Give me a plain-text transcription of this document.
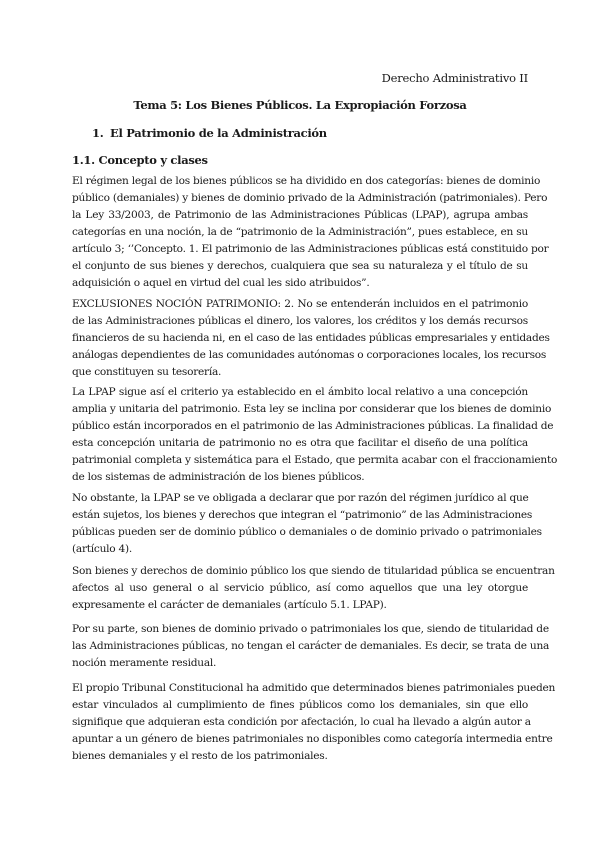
Derecho Administrativo II
Tema 5: Los Bienes Públicos. La Expropiación Forzosa
1. El Patrimonio de la Administración
1.1. Concepto y clases
El régimen legal de los bienes públicos se ha dividido en dos categorías: bienes de dominio
público (demaniales) y bienes de dominio privado de la Administración (patrimoniales). Pero
la Ley 33/2003, de Patrimonio de las Administraciones Públicas (LPAP), agrupa ambas
categorías en una noción, la de “patrimonio de la Administración”, pues establece, en su
artículo 3; ‘’Concepto. 1. El patrimonio de las Administraciones públicas está constituido por
el conjunto de sus bienes y derechos, cualquiera que sea su naturaleza y el título de su
adquisición o aquel en virtud del cual les sido atribuidos”.
EXCLUSIONES NOCIÓN PATRIMONIO: 2. No se entenderán incluidos en el patrimonio
de las Administraciones públicas el dinero, los valores, los créditos y los demás recursos
financieros de su hacienda ni, en el caso de las entidades públicas empresariales y entidades
análogas dependientes de las comunidades autónomas o corporaciones locales, los recursos
que constituyen su tesorería.
La LPAP sigue así el criterio ya establecido en el ámbito local relativo a una concepción
amplia y unitaria del patrimonio. Esta ley se inclina por considerar que los bienes de dominio
público están incorporados en el patrimonio de las Administraciones públicas. La finalidad de
esta concepción unitaria de patrimonio no es otra que facilitar el diseño de una política
patrimonial completa y sistemática para el Estado, que permita acabar con el fraccionamiento
de los sistemas de administración de los bienes públicos.
No obstante, la LPAP se ve obligada a declarar que por razón del régimen jurídico al que
están sujetos, los bienes y derechos que integran el “patrimonio” de las Administraciones
públicas pueden ser de dominio público o demaniales o de dominio privado o patrimoniales
(artículo 4).
Son bienes y derechos de dominio público los que siendo de titularidad pública se encuentran
afectos al uso general o al servicio público, así como aquellos que una ley otorgue
expresamente el carácter de demaniales (artículo 5.1. LPAP).
Por su parte, son bienes de dominio privado o patrimoniales los que, siendo de titularidad de
las Administraciones públicas, no tengan el carácter de demaniales. Es decir, se trata de una
noción meramente residual.
El propio Tribunal Constitucional ha admitido que determinados bienes patrimoniales pueden
estar vinculados al cumplimiento de fines públicos como los demaniales, sin que ello
signifique que adquieran esta condición por afectación, lo cual ha llevado a algún autor a
apuntar a un género de bienes patrimoniales no disponibles como categoría intermedia entre
bienes demaniales y el resto de los patrimoniales.
